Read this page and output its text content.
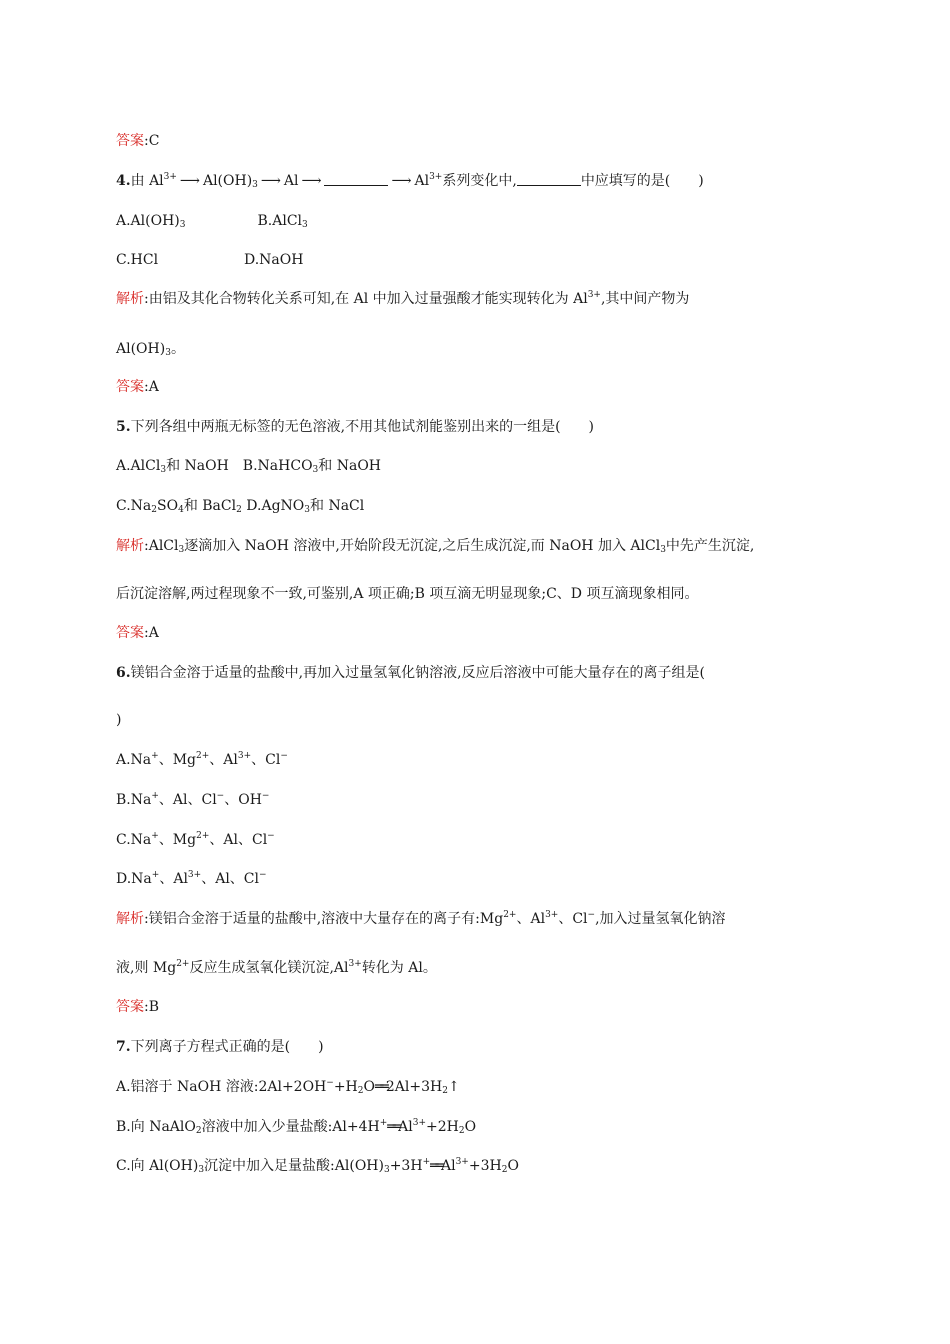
答案:C
4.由 $Al^{3+}$ ⟶ $Al(OH)_3$ ⟶ Al ⟶	⟶ $Al^{3+}$系列变化中,	中应填写的是(　　)
$A.Al(OH)_3$	B.AlCl$_3$
C.HCl	D.NaOH
解析:由铝及其化合物转化关系可知,在 Al 中加入过量强酸才能实现转化为 $Al^{3+}$,其中间产物为
$Al(OH)_3$。
答案:A
5.下列各组中两瓶无标签的无色溶液,不用其他试剂能鉴别出来的一组是(　　)
A.AlCl$_3$和 NaOH　B.NaHCO$_3$和 NaOH
$C.Na_2SO_4$和 BaCl$_2$ D.AgNO$_3$和 NaCl
解析:AlCl$_3$逐滴加入 NaOH 溶液中,开始阶段无沉淀,之后生成沉淀,而 NaOH 加入 AlCl$_3$中先产生沉淀,
后沉淀溶解,两过程现象不一致,可鉴别,A 项正确;B 项互滴无明显现象;C、D 项互滴现象相同。
答案:A
6.镁铝合金溶于适量的盐酸中,再加入过量氢氧化钠溶液,反应后溶液中可能大量存在的离子组是(
)
A.Na+、$Mg^{2+}$、$Al^{3+}$、Cl−
B.Na+、Al、Cl−、OH−
C.Na+、$Mg^{2+}$、Al、Cl−
D.Na+、$Al^{3+}$、Al、Cl−
解析:镁铝合金溶于适量的盐酸中,溶液中大量存在的离子有$:Mg^{2+}$、$Al^{3+}$、Cl−,加入过量氢氧化钠溶
液,则 $Mg^{2+}$反应生成氢氧化镁沉淀$,Al^{3+}$转化为 Al。
答案:B
7.下列离子方程式正确的是(　　)
A.铝溶于 NaOH 溶液$:2Al+2OH^-+H_2O══2Al+3H_2↑$
B.向 NaAlO$_2$溶液中加入少量盐酸$:Al+4H^+══Al^{3+}+2H_2O$
C.向 $Al(OH)_3$沉淀中加入足量盐酸$:Al(OH)_3+3H^+══Al^{3+}+3H_2O$
